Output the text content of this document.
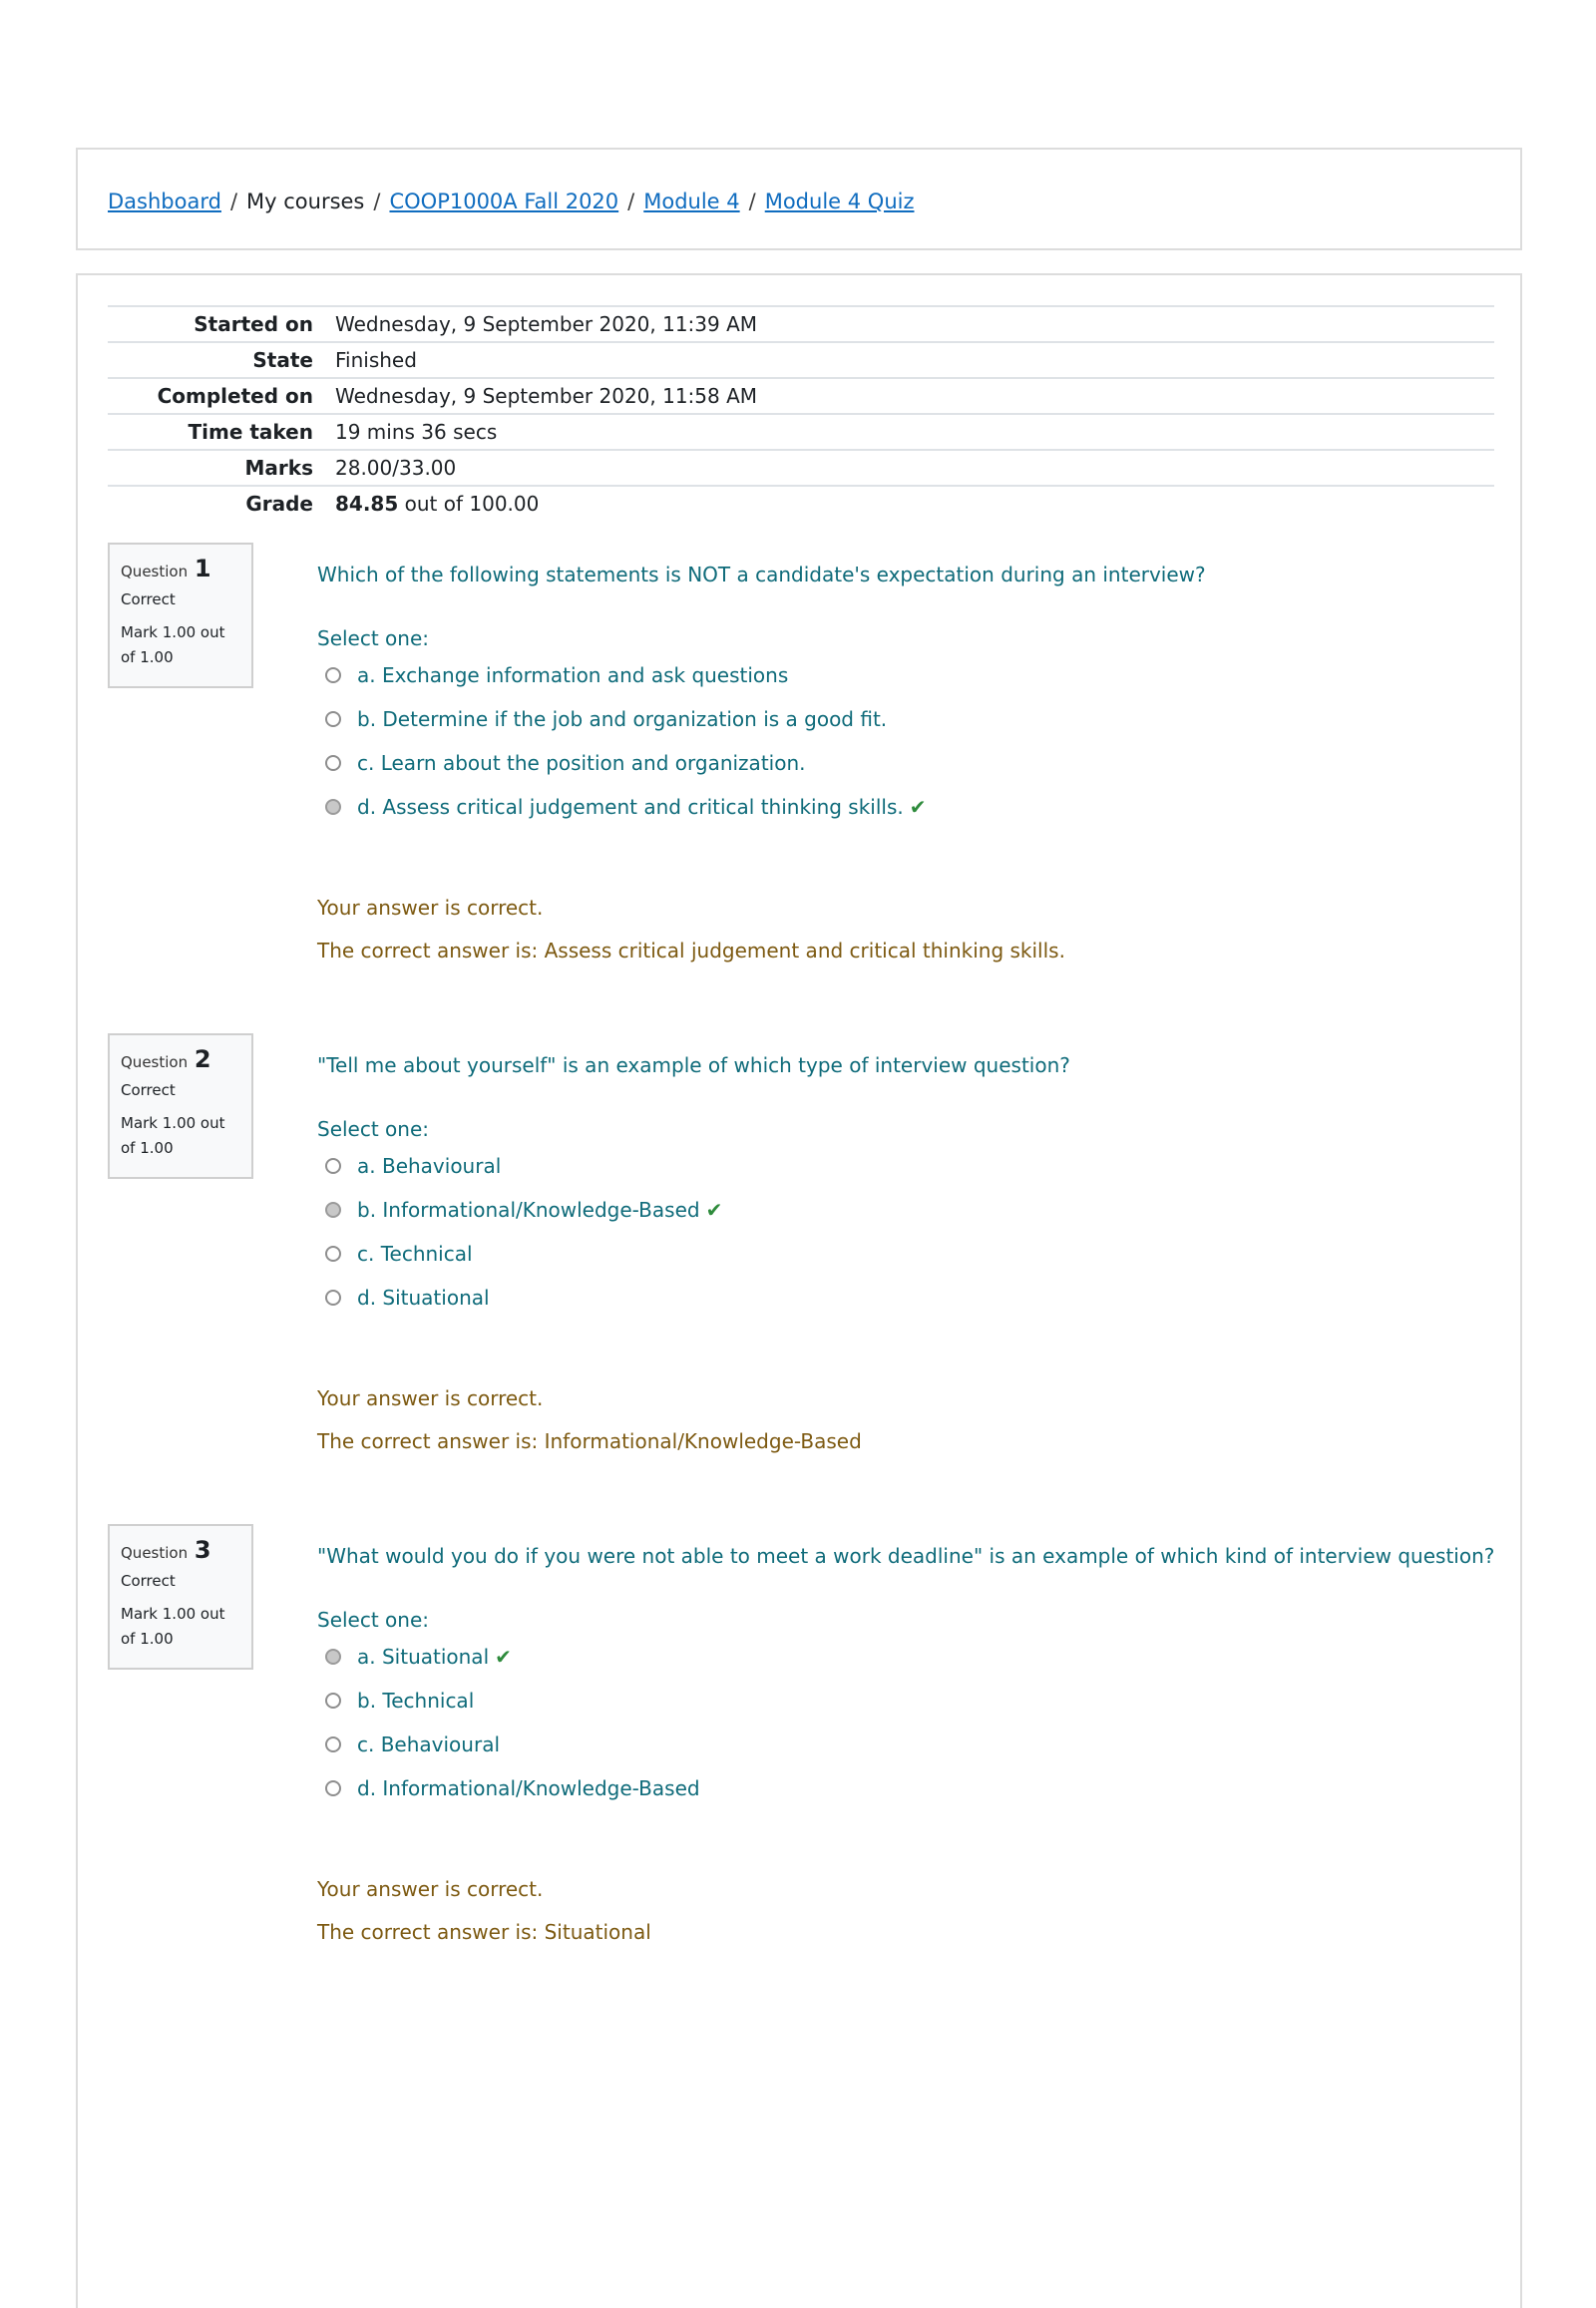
Dashboard / My courses / COOP1000A Fall 2020 / Module 4 / Module 4 Quiz
Started on Wednesday, 9 September 2020, 11:39 AM
State Finished
Completed on Wednesday, 9 September 2020, 11:58 AM
Time taken 19 mins 36 secs
Marks 28.00/33.00
Grade 84.85 out of 100.00
Question 1
Correct
Mark 1.00 out of 1.00
Which of the following statements is NOT a candidate's expectation during an interview?
Select one:
a. Exchange information and ask questions
b. Determine if the job and organization is a good fit.
c. Learn about the position and organization.
d. Assess critical judgement and critical thinking skills. ✔
Your answer is correct.
The correct answer is: Assess critical judgement and critical thinking skills.
Question 2
Correct
Mark 1.00 out of 1.00
"Tell me about yourself" is an example of which type of interview question?
Select one:
a. Behavioural
b. Informational/Knowledge-Based ✔
c. Technical
d. Situational
Your answer is correct.
The correct answer is: Informational/Knowledge-Based
Question 3
Correct
Mark 1.00 out of 1.00
"What would you do if you were not able to meet a work deadline" is an example of which kind of interview question?
Select one:
a. Situational ✔
b. Technical
c. Behavioural
d. Informational/Knowledge-Based
Your answer is correct.
The correct answer is: Situational
